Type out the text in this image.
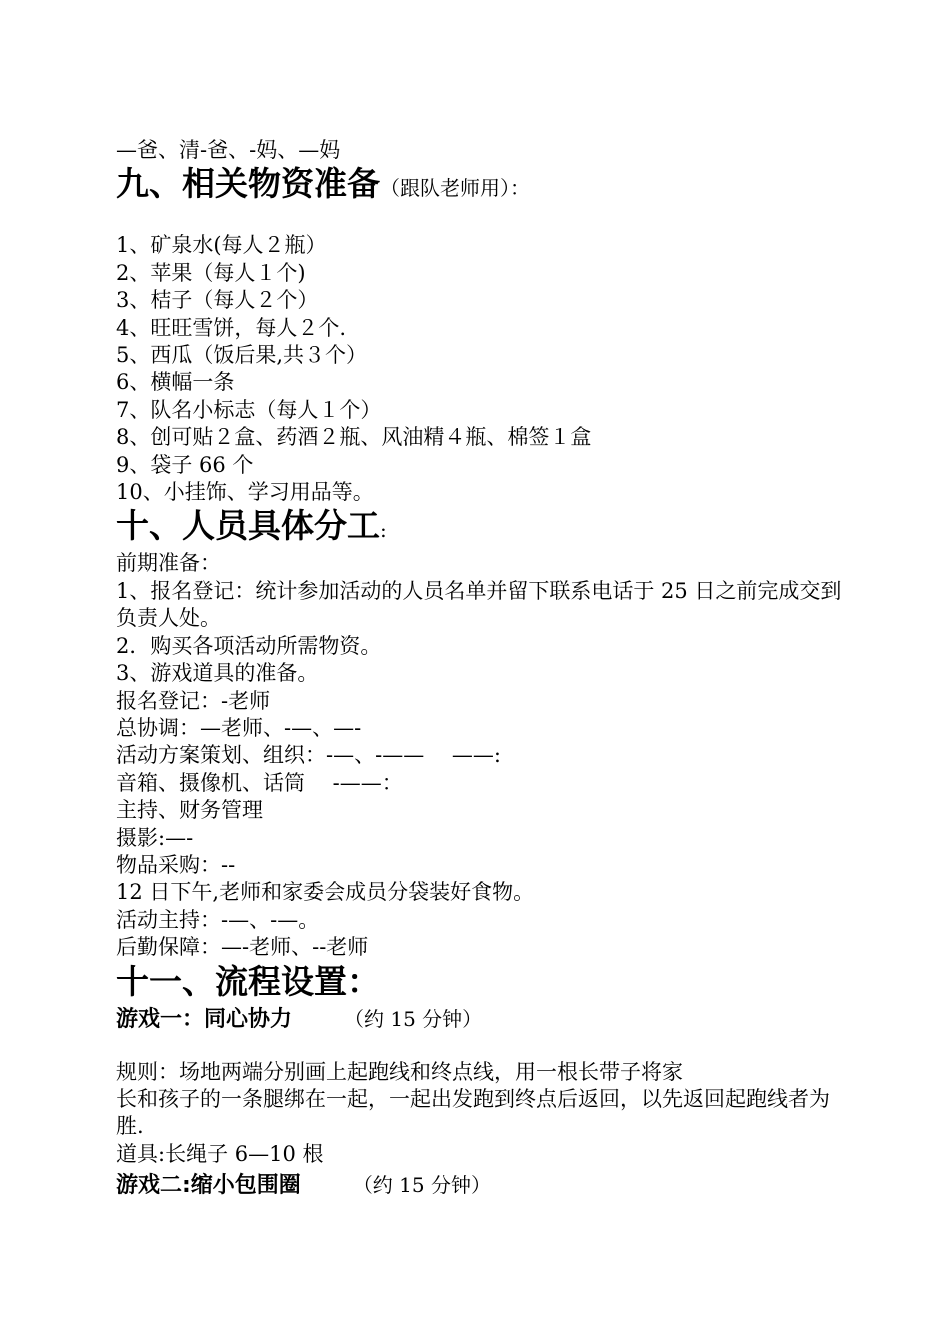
—爸、清-爸、-妈、—妈
九、相关物资准备（跟队老师用）：
1、矿泉水(每人２瓶）
2、苹果（每人１个)
3、桔子（每人２个）
4、旺旺雪饼，每人２个.
5、西瓜（饭后果,共３个）
6、横幅一条
7、队名小标志（每人１个）
8、创可贴２盒、药酒２瓶、风油精４瓶、棉签１盒
9、袋子 66 个
10、小挂饰、学习用品等。
十、人员具体分工:
前期准备：
1、报名登记：统计参加活动的人员名单并留下联系电话于 25 日之前完成交到负责人处。
2．购买各项活动所需物资。
3、游戏道具的准备。
报名登记：-老师
总协调：—老师、-—、—-
活动方案策划、组织：-—、-——　 ——:
音箱、摄像机、话筒　 -——：
主持、财务管理
摄影:—-
物品采购：--
12 日下午,老师和家委会成员分袋装好食物。
活动主持：-—、-—。
后勤保障：—-老师、--老师
十一、流程设置：
游戏一：同心协力	（约 15 分钟）
规则：场地两端分别画上起跑线和终点线，用一根长带子将家
长和孩子的一条腿绑在一起，一起出发跑到终点后返回，以先返回起跑线者为胜.
道具:长绳子 6—10 根
游戏二:缩小包围圈	（约 15 分钟）
